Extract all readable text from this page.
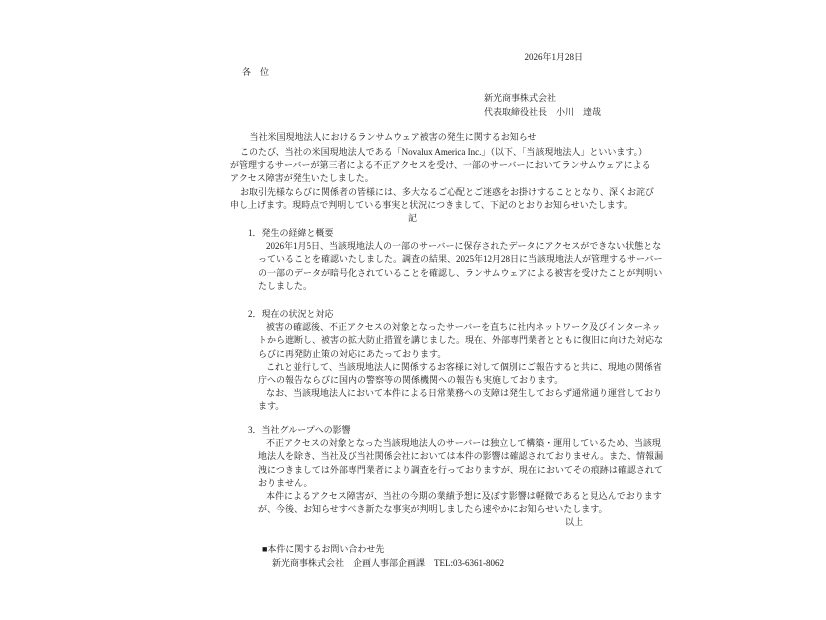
2026年1月28日
各　位
新光商事株式会社
代表取締役社長　小川　達哉
当社米国現地法人におけるランサムウェア被害の発生に関するお知らせ
このたび、当社の米国現地法人である「Novalux America Inc.」（以下、「当該現地法人」といいます。）
が管理するサーバーが第三者による不正アクセスを受け、一部のサーバーにおいてランサムウェアによる
アクセス障害が発生いたしました。
お取引先様ならびに関係者の皆様には、多大なるご心配とご迷惑をお掛けすることとなり、深くお詫び
申し上げます。現時点で判明している事実と状況につきまして、下記のとおりお知らせいたします。
記
1．発生の経緯と概要
2026年1月5日、当該現地法人の一部のサーバーに保存されたデータにアクセスができない状態とな
っていることを確認いたしました。調査の結果、2025年12月28日に当該現地法人が管理するサーバー
の一部のデータが暗号化されていることを確認し、ランサムウェアによる被害を受けたことが判明い
たしました。
2．現在の状況と対応
被害の確認後、不正アクセスの対象となったサーバーを直ちに社内ネットワーク及びインターネッ
トから遮断し、被害の拡大防止措置を講じました。現在、外部専門業者とともに復旧に向けた対応な
らびに再発防止策の対応にあたっております。
これと並行して、当該現地法人に関係するお客様に対して個別にご報告すると共に、現地の関係省
庁への報告ならびに国内の警察等の関係機関への報告も実施しております。
なお、当該現地法人において本件による日常業務への支障は発生しておらず通常通り運営しており
ます。
3．当社グループへの影響
不正アクセスの対象となった当該現地法人のサーバーは独立して構築・運用しているため、当該現
地法人を除き、当社及び当社関係会社においては本件の影響は確認されておりません。また、情報漏
洩につきましては外部専門業者により調査を行っておりますが、現在においてその痕跡は確認されて
おりません。
本件によるアクセス障害が、当社の今期の業績予想に及ぼす影響は軽微であると見込んでおります
が、今後、お知らせすべき新たな事実が判明しましたら速やかにお知らせいたします。
以上
■本件に関するお問い合わせ先
新光商事株式会社　企画人事部企画課　TEL:03-6361-8062
